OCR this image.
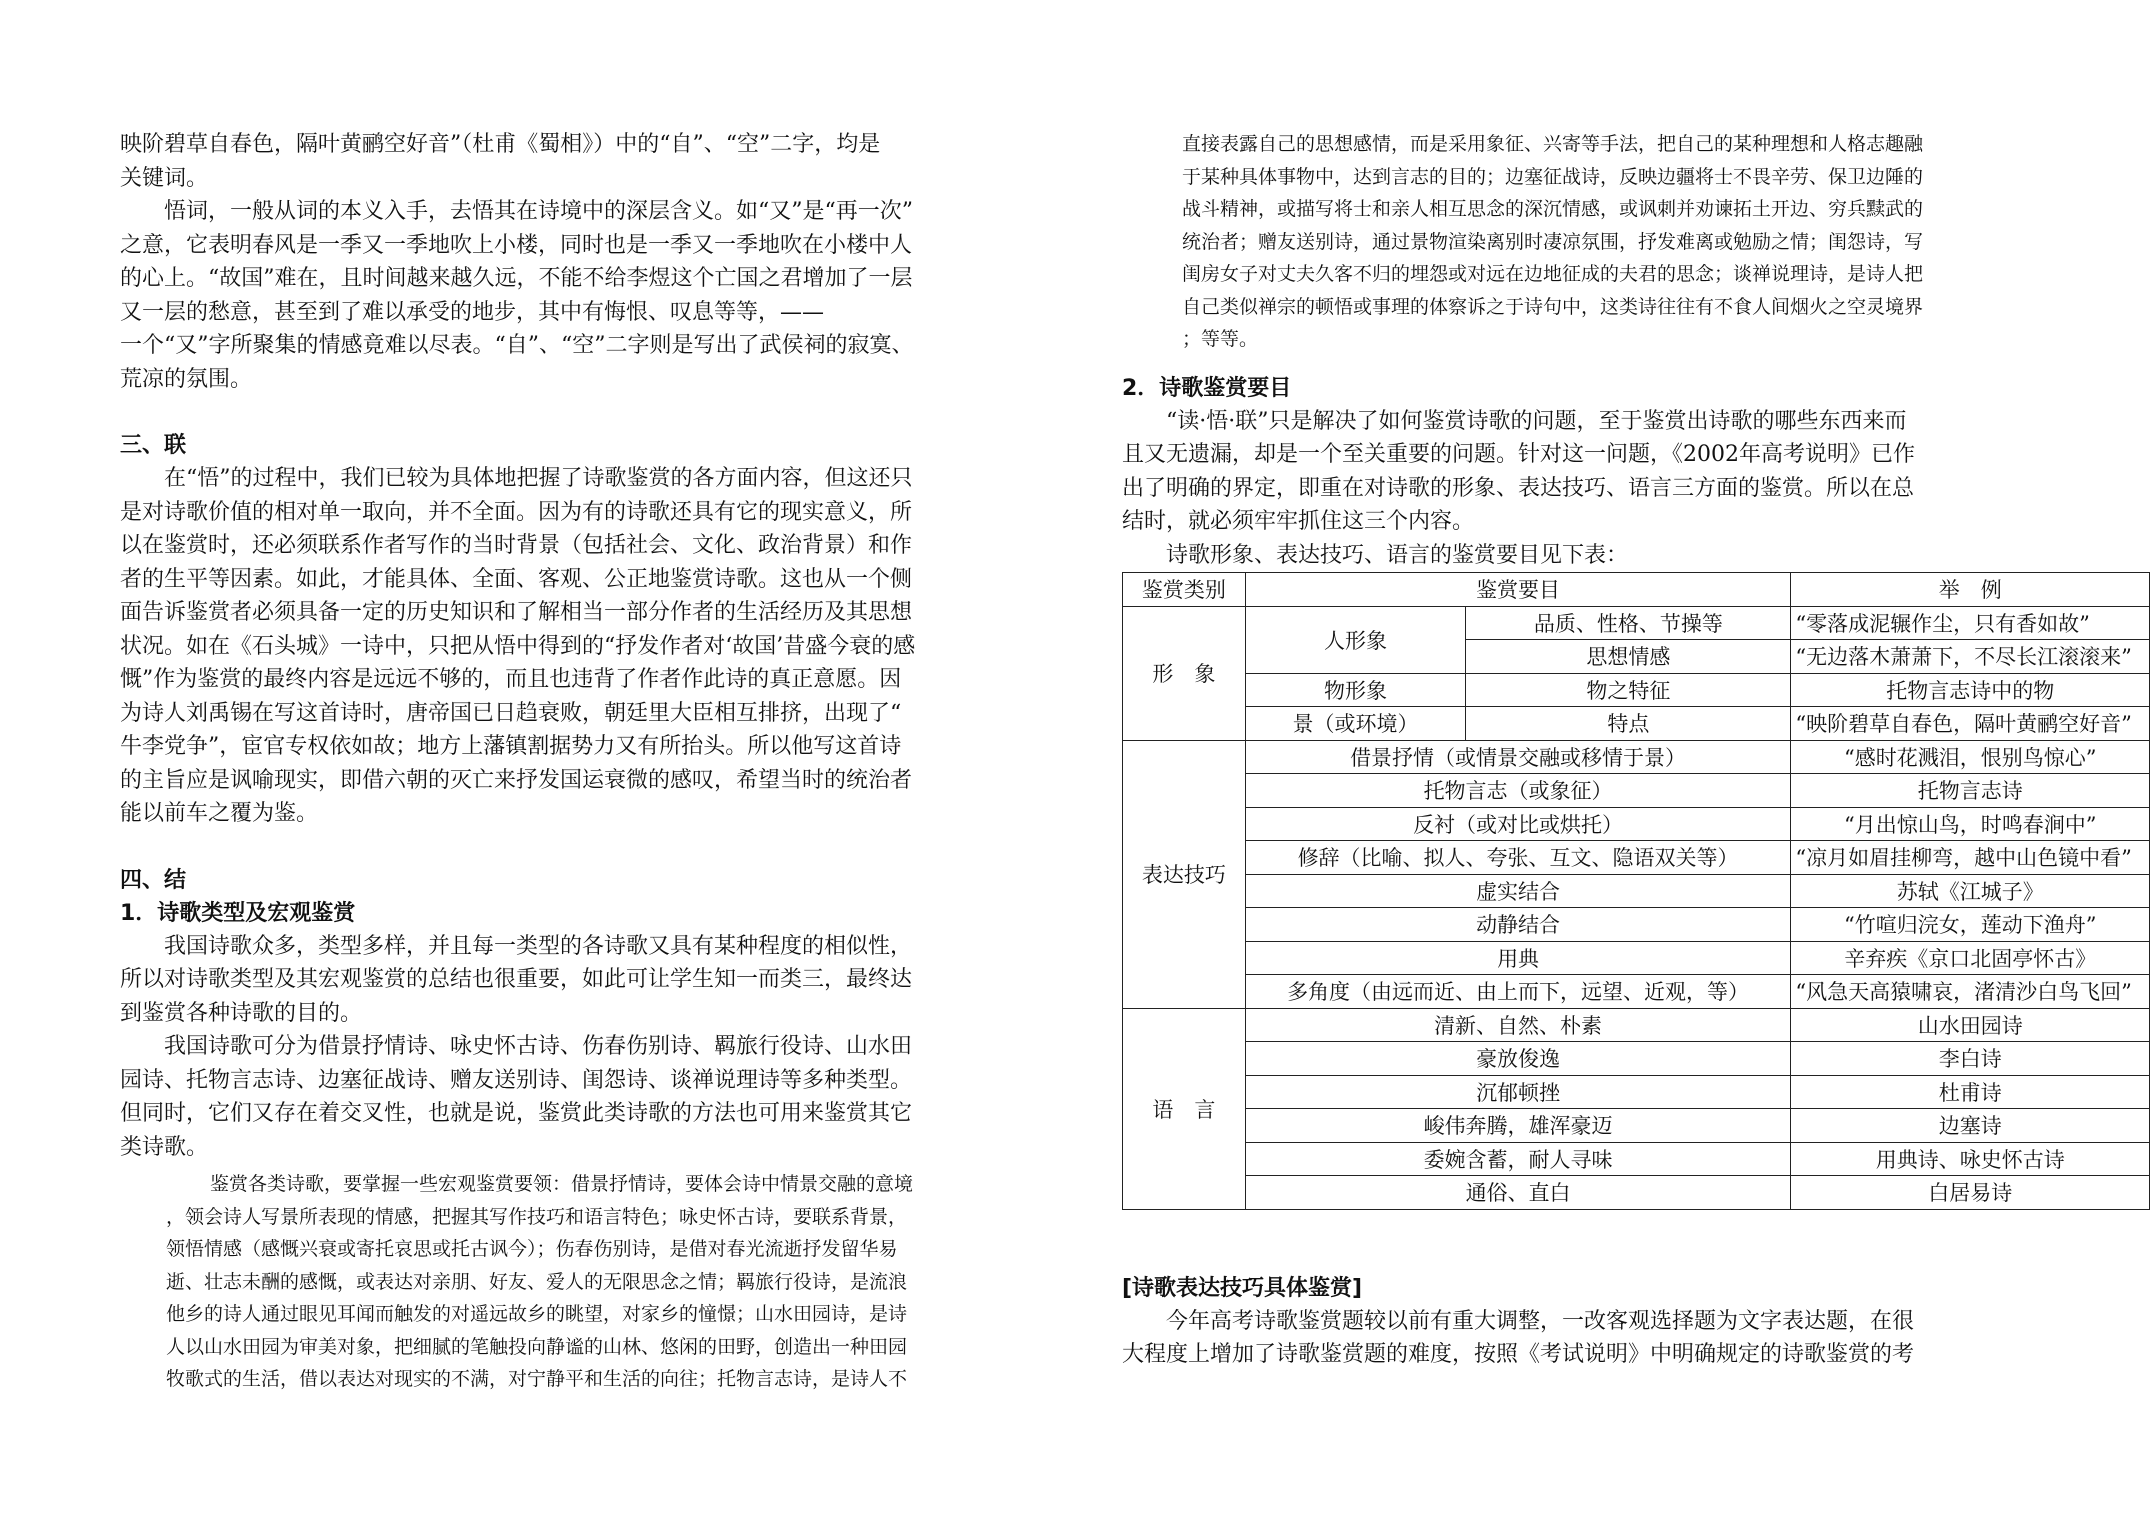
映阶碧草自春色，隔叶黄鹂空好音”（杜甫《蜀相》）中的“自”、“空”二字，均是

关键词。

悟词，一般从词的本义入手，去悟其在诗境中的深层含义。如“又”是“再一次”

之意，它表明春风是一季又一季地吹上小楼，同时也是一季又一季地吹在小楼中人

的心上。“故国”难在，且时间越来越久远，不能不给李煜这个亡国之君增加了一层

又一层的愁意，甚至到了难以承受的地步，其中有悔恨、叹息等等，——

一个“又”字所聚集的情感竟难以尽表。“自”、“空”二字则是写出了武侯祠的寂寞、

荒凉的氛围。

三、联

在“悟”的过程中，我们已较为具体地把握了诗歌鉴赏的各方面内容，但这还只

是对诗歌价值的相对单一取向，并不全面。因为有的诗歌还具有它的现实意义，所

以在鉴赏时，还必须联系作者写作的当时背景（包括社会、文化、政治背景）和作

者的生平等因素。如此，才能具体、全面、客观、公正地鉴赏诗歌。这也从一个侧

面告诉鉴赏者必须具备一定的历史知识和了解相当一部分作者的生活经历及其思想

状况。如在《石头城》一诗中，只把从悟中得到的“抒发作者对‘故国’昔盛今衰的感

慨”作为鉴赏的最终内容是远远不够的，而且也违背了作者作此诗的真正意愿。因

为诗人刘禹锡在写这首诗时，唐帝国已日趋衰败，朝廷里大臣相互排挤，出现了“

牛李党争”，宦官专权依如故；地方上藩镇割据势力又有所抬头。所以他写这首诗

的主旨应是讽喻现实，即借六朝的灭亡来抒发国运衰微的感叹，希望当时的统治者

能以前车之覆为鉴。

四、结

1．诗歌类型及宏观鉴赏

我国诗歌众多，类型多样，并且每一类型的各诗歌又具有某种程度的相似性，

所以对诗歌类型及其宏观鉴赏的总结也很重要，如此可让学生知一而类三，最终达

到鉴赏各种诗歌的目的。

我国诗歌可分为借景抒情诗、咏史怀古诗、伤春伤别诗、羁旅行役诗、山水田

园诗、托物言志诗、边塞征战诗、赠友送别诗、闺怨诗、谈禅说理诗等多种类型。

但同时，它们又存在着交叉性，也就是说，鉴赏此类诗歌的方法也可用来鉴赏其它

类诗歌。

鉴赏各类诗歌，要掌握一些宏观鉴赏要领：借景抒情诗，要体会诗中情景交融的意境

，领会诗人写景所表现的情感，把握其写作技巧和语言特色；咏史怀古诗，要联系背景，

领悟情感（感慨兴衰或寄托哀思或托古讽今）；伤春伤别诗，是借对春光流逝抒发留华易

逝、壮志未酬的感慨，或表达对亲朋、好友、爱人的无限思念之情；羁旅行役诗，是流浪

他乡的诗人通过眼见耳闻而触发的对遥远故乡的眺望，对家乡的憧憬；山水田园诗，是诗

人以山水田园为审美对象，把细腻的笔触投向静谧的山林、悠闲的田野，创造出一种田园

牧歌式的生活，借以表达对现实的不满，对宁静平和生活的向往；托物言志诗，是诗人不

直接表露自己的思想感情，而是采用象征、兴寄等手法，把自己的某种理想和人格志趣融

于某种具体事物中，达到言志的目的；边塞征战诗，反映边疆将士不畏辛劳、保卫边陲的

战斗精神，或描写将士和亲人相互思念的深沉情感，或讽刺并劝谏拓土开边、穷兵黩武的

统治者；赠友送别诗，通过景物渲染离别时凄凉氛围，抒发难离或勉励之情；闺怨诗，写

闺房女子对丈夫久客不归的埋怨或对远在边地征成的夫君的思念；谈禅说理诗，是诗人把

自己类似禅宗的顿悟或事理的体察诉之于诗句中，这类诗往往有不食人间烟火之空灵境界

；等等。

2．诗歌鉴赏要目

“读·悟·联”只是解决了如何鉴赏诗歌的问题，至于鉴赏出诗歌的哪些东西来而

且又无遗漏，却是一个至关重要的问题。针对这一问题，《2002年高考说明》已作

出了明确的界定，即重在对诗歌的形象、表达技巧、语言三方面的鉴赏。所以在总

结时，就必须牢牢抓住这三个内容。

诗歌形象、表达技巧、语言的鉴赏要目见下表：

鉴赏类别	鉴赏要目		举　例
形　象	人形象	品质、性格、节操等	“零落成泥辗作尘，只有香如故”
		思想情感	“无边落木萧萧下，不尽长江滚滚来”
	物形象	物之特征	托物言志诗中的物
	景（或环境）	特点	“映阶碧草自春色，隔叶黄鹂空好音”
表达技巧	借景抒情（或情景交融或移情于景）		“感时花溅泪，恨别鸟惊心”
	托物言志（或象征）		托物言志诗
	反衬（或对比或烘托）		“月出惊山鸟，时鸣春涧中”
	修辞（比喻、拟人、夸张、互文、隐语双关等）		“凉月如眉挂柳弯，越中山色镜中看”
	虚实结合		苏轼《江城子》
	动静结合		“竹喧归浣女，莲动下渔舟”
	用典		辛弃疾《京口北固亭怀古》
	多角度（由远而近、由上而下，远望、近观，等）		“风急天高猿啸哀，渚清沙白鸟飞回”
语　言	清新、自然、朴素		山水田园诗
	豪放俊逸		李白诗
	沉郁顿挫		杜甫诗
	峻伟奔腾，雄浑豪迈		边塞诗
	委婉含蓄，耐人寻味		用典诗、咏史怀古诗
	通俗、直白		白居易诗

[诗歌表达技巧具体鉴赏]

今年高考诗歌鉴赏题较以前有重大调整，一改客观选择题为文字表达题，在很

大程度上增加了诗歌鉴赏题的难度，按照《考试说明》中明确规定的诗歌鉴赏的考
